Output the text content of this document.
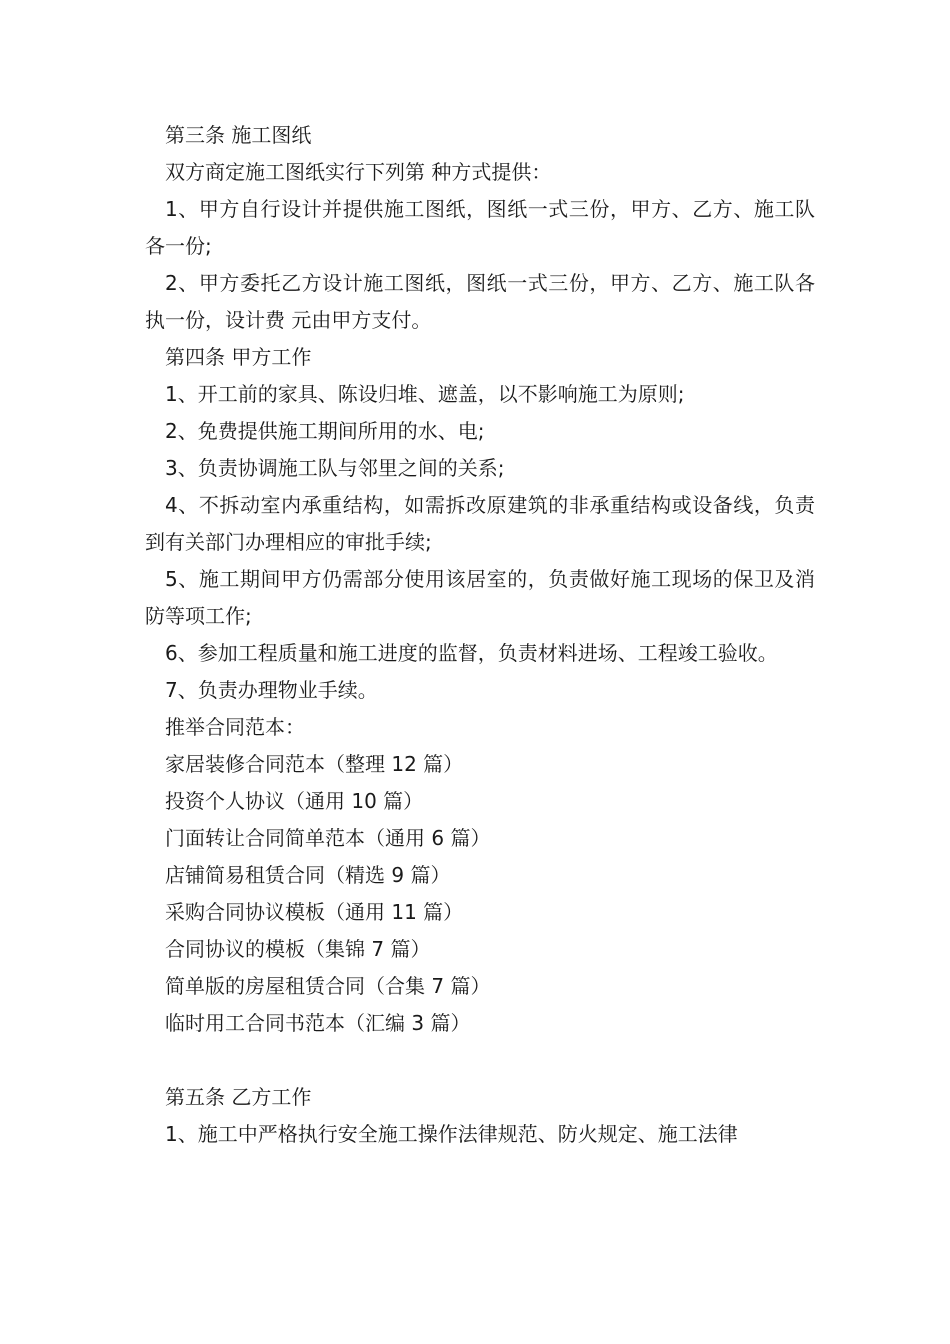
第三条 施工图纸

双方商定施工图纸实行下列第 种方式提供：

1、甲方自行设计并提供施工图纸，图纸一式三份，甲方、乙方、施工队各一份;

2、甲方委托乙方设计施工图纸，图纸一式三份，甲方、乙方、施工队各执一份，设计费 元由甲方支付。

第四条 甲方工作

1、开工前的家具、陈设归堆、遮盖，以不影响施工为原则;

2、免费提供施工期间所用的水、电;

3、负责协调施工队与邻里之间的关系;

4、不拆动室内承重结构，如需拆改原建筑的非承重结构或设备线，负责到有关部门办理相应的审批手续;

5、施工期间甲方仍需部分使用该居室的，负责做好施工现场的保卫及消防等项工作;

6、参加工程质量和施工进度的监督，负责材料进场、工程竣工验收。

7、负责办理物业手续。

推举合同范本：

家居装修合同范本（整理 12 篇）

投资个人协议（通用 10 篇）

门面转让合同简单范本（通用 6 篇）

店铺简易租赁合同（精选 9 篇）

采购合同协议模板（通用 11 篇）

合同协议的模板（集锦 7 篇）

简单版的房屋租赁合同（合集 7 篇）

临时用工合同书范本（汇编 3 篇）

第五条 乙方工作

1、施工中严格执行安全施工操作法律规范、防火规定、施工法律
